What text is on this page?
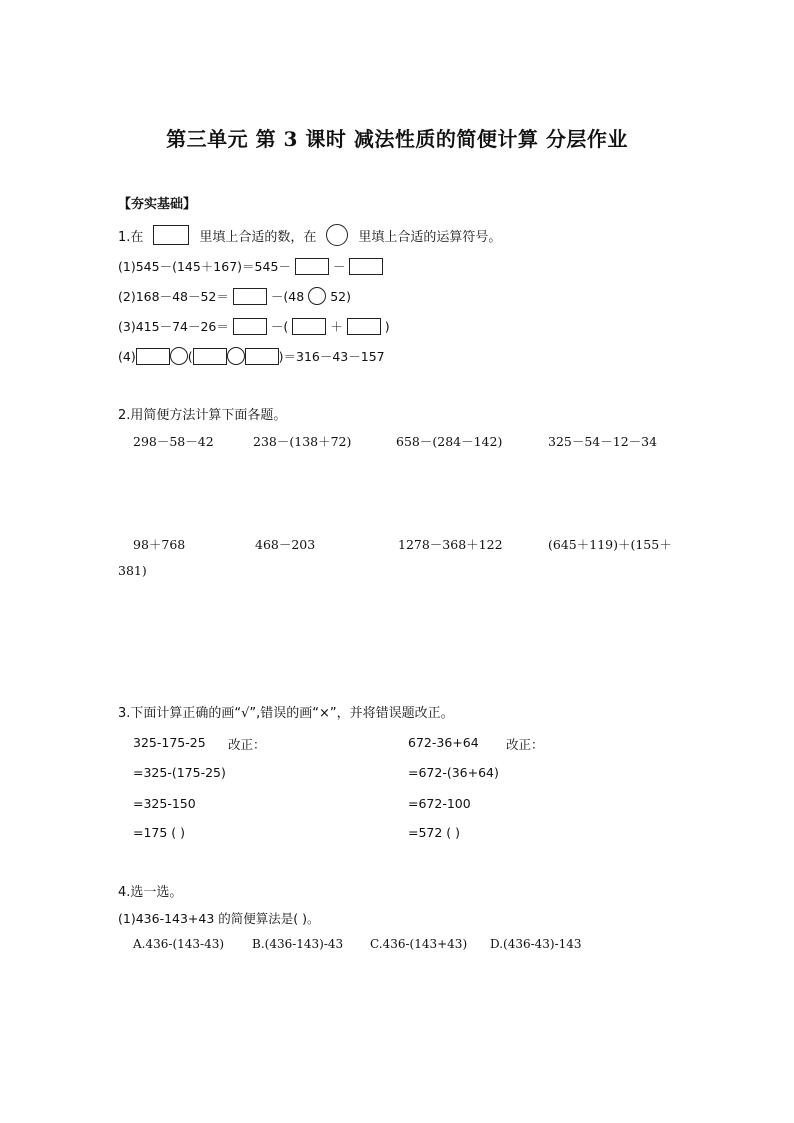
第三单元 第 3 课时 减法性质的简便计算 分层作业
【夯实基础】
1.在	里填上合适的数，在	里填上合适的运算符号。
(1)545－(145＋167)＝545－	－
(2)168－48－52＝	－(48 52)
(3)415－74－26＝	－(	＋	)
(4)	(	)＝316－43－157
2.用简便方法计算下面各题。
298－58－42	238－(138＋72)	658－(284－142)	325－54－12－34
98＋768	468－203	1278－368＋122	(645＋119)＋(155＋
381)
3.下面计算正确的画“√”,错误的画“×”，并将错误题改正。
325-175-25 改正：
=325-(175-25)
=325-150
=175 ( )
672-36+64 改正：
=672-(36+64)
=672-100
=572 ( )
4.选一选。
(1)436-143+43 的简便算法是( )。
A.436-(143-43) B.(436-143)-43 C.436-(143+43) D.(436-43)-143
